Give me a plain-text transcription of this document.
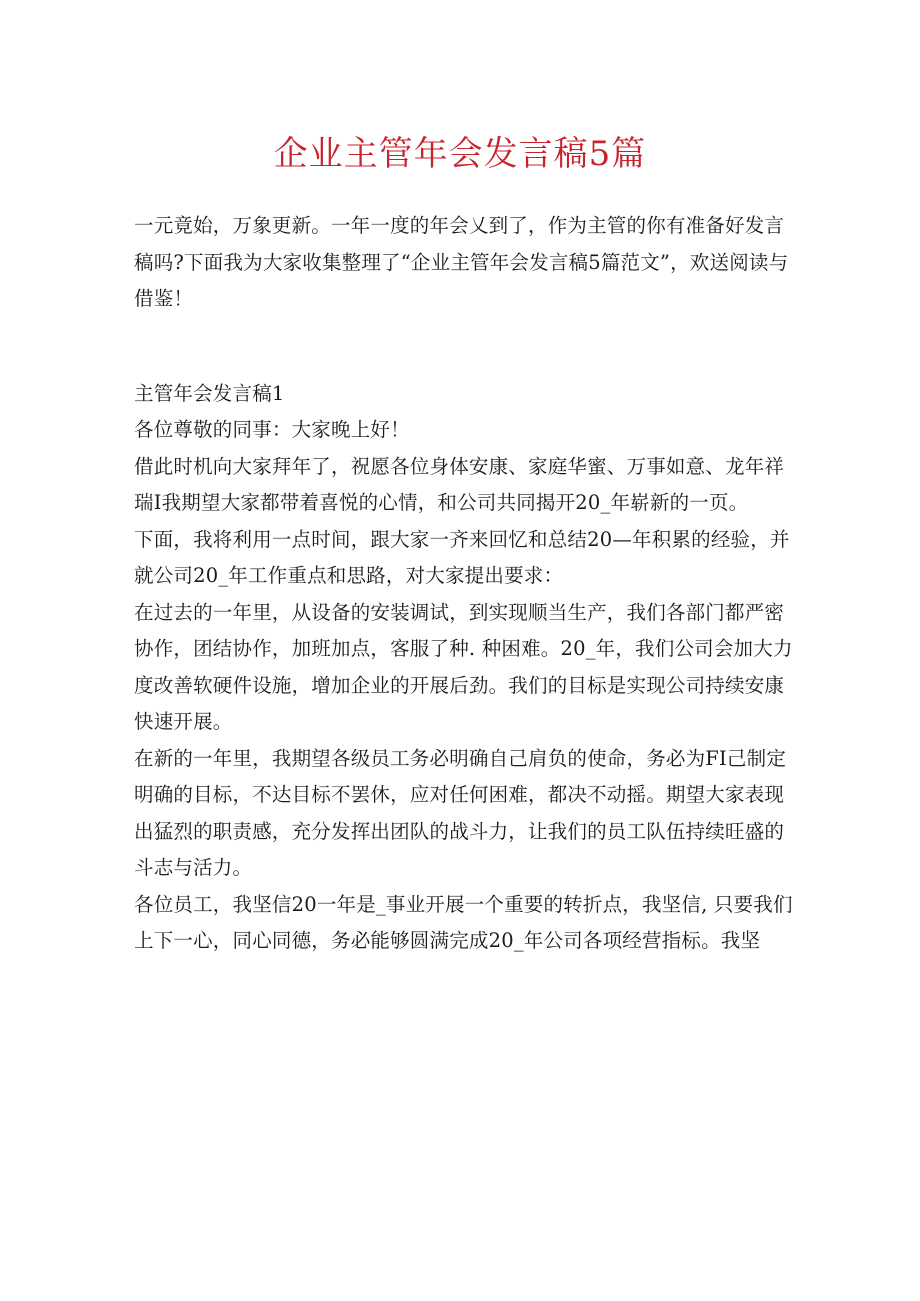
企业主管年会发言稿5篇

一元竟始，万象更新。一年一度的年会乂到了，作为主管的你有准备好发言稿吗?下面我为大家收集整理了“企业主管年会发言稿5篇范文”，欢送阅读与借鉴！

主管年会发言稿1

各位尊敬的同事：大家晚上好！

借此时机向大家拜年了，祝愿各位身体安康、家庭华蜜、万事如意、龙年祥瑞I我期望大家都带着喜悦的心情，和公司共同揭开20_年崭新的一页。

下面，我将利用一点时间，跟大家一齐来回忆和总结20—年积累的经验，并就公司20_年工作重点和思路，对大家提出要求：

在过去的一年里，从设备的安装调试，到实现顺当生产，我们各部门都严密协作，团结协作，加班加点，客服了种. 种困难。20_年，我们公司会加大力度改善软硬件设施，增加企业的开展后劲。我们的目标是实现公司持续安康快速开展。

在新的一年里，我期望各级员工务必明确自己肩负的使命，务必为FI己制定明确的目标，不达目标不罢休，应对任何困难，都决不动摇。期望大家表现出猛烈的职责感，充分发挥出团队的战斗力，让我们的员工队伍持续旺盛的斗志与活力。

各位员工，我坚信20一年是_事业开展一个重要的转折点，我坚信, 只要我们上下一心，同心同德，务必能够圆满完成20_年公司各项经营指标。我坚
